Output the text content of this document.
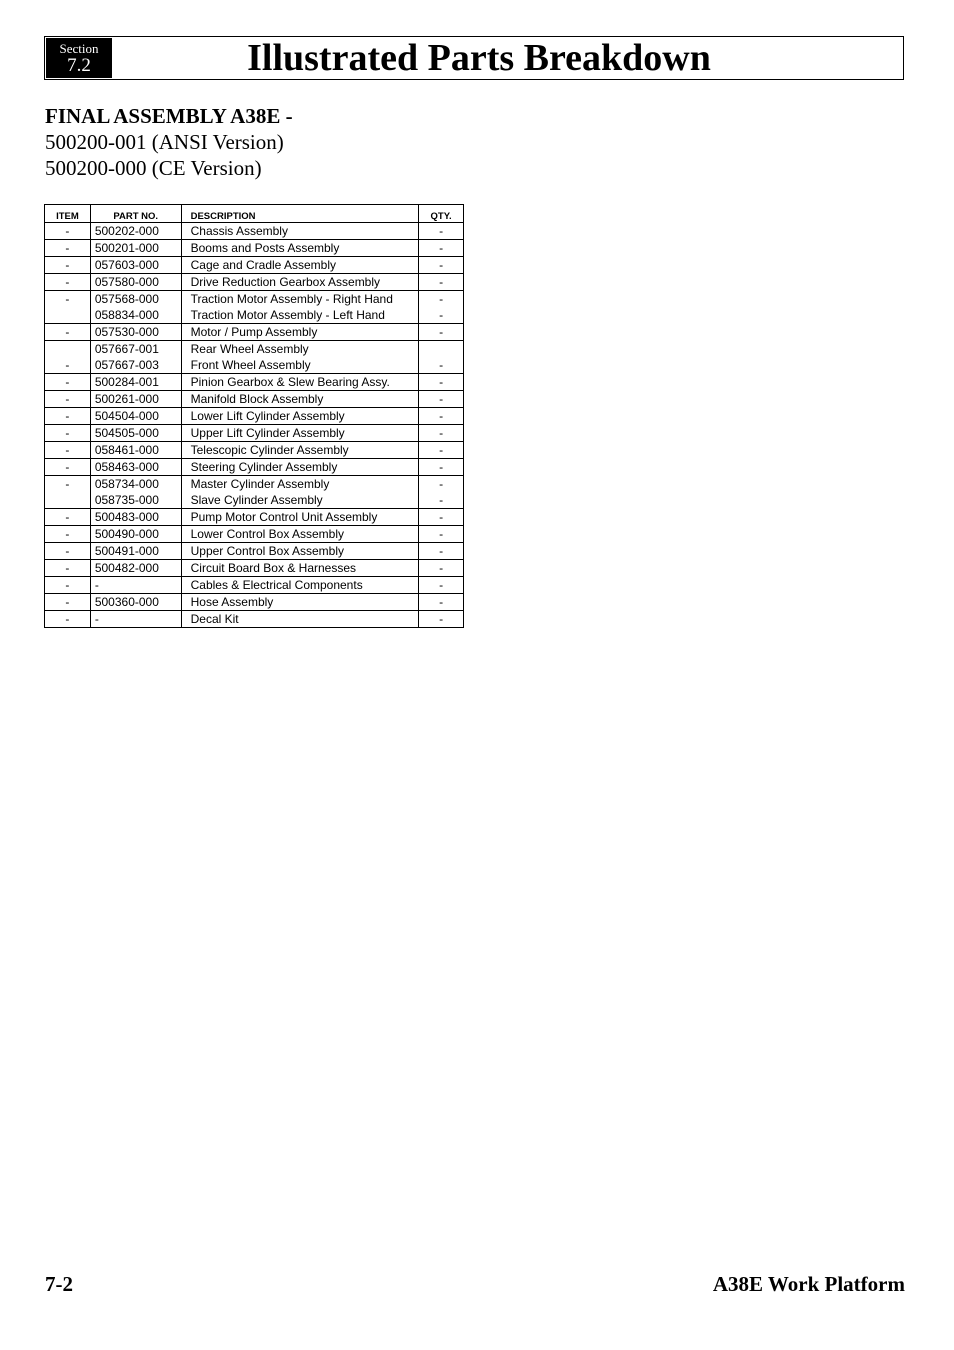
Section
7.2	Illustrated Parts Breakdown
FINAL ASSEMBLY A38E -
500200-001 (ANSI Version)
500200-000 (CE Version)
ITEM	PART NO.	DESCRIPTION	QTY.
-	500202-000	Chassis Assembly	-
-	500201-000	Booms and Posts Assembly	-
-	057603-000	Cage and Cradle Assembly	-
-	057580-000	Drive Reduction Gearbox Assembly	-
-	057568-000	Traction Motor Assembly - Right Hand	-
	058834-000	Traction Motor Assembly - Left Hand	-
-	057530-000	Motor / Pump Assembly	-
	057667-001	Rear Wheel Assembly	
-	057667-003	Front Wheel Assembly	-
-	500284-001	Pinion Gearbox & Slew Bearing Assy.	-
-	500261-000	Manifold Block Assembly	-
-	504504-000	Lower Lift Cylinder Assembly	-
-	504505-000	Upper Lift Cylinder Assembly	-
-	058461-000	Telescopic Cylinder Assembly	-
-	058463-000	Steering Cylinder Assembly	-
-	058734-000	Master Cylinder Assembly	-
	058735-000	Slave Cylinder Assembly	-
-	500483-000	Pump Motor Control Unit Assembly	-
-	500490-000	Lower Control Box Assembly	-
-	500491-000	Upper Control Box Assembly	-
-	500482-000	Circuit Board Box & Harnesses	-
-	-	Cables & Electrical Components	-
-	500360-000	Hose Assembly	-
-	-	Decal Kit	-
7-2	A38E Work Platform
